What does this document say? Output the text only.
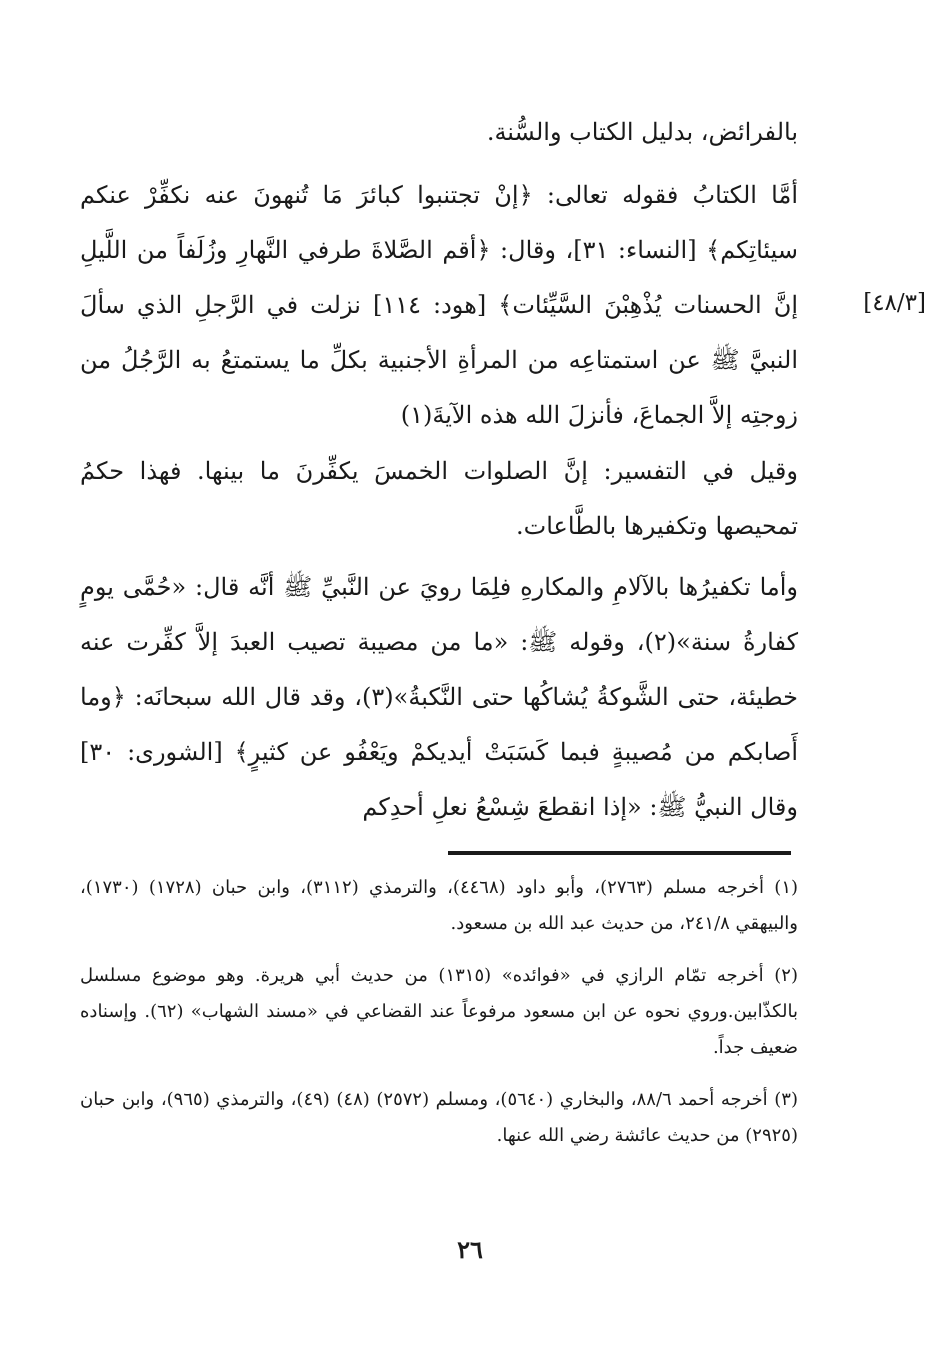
بالفرائض، بدليل الكتاب والسُّنة.

أمَّا الكتابُ فقوله تعالى: ﴿إنْ تجتنبوا كبائرَ مَا تُنهونَ عنه نكفِّرْ عنكم سيئاتِكم﴾ [النساء: ٣١]، وقال: ﴿أقم الصَّلاةَ طرفي النَّهارِ وزُلَفاً من اللَّيلِ إنَّ الحسنات يُذْهِبْنَ السَّيِّئات﴾ [هود: ١١٤] نزلت في الرَّجلِ الذي سألَ النبيَّ ﷺ عن استمتاعِه من المرأةِ الأجنبية بكلِّ ما يستمتعُ به الرَّجُلُ من زوجتِه إلاَّ الجماعَ، فأنزلَ الله هذه الآيةَ(١)

وقيل في التفسير: إنَّ الصلوات الخمسَ يكفِّرنَ ما بينها. فهذا حكمُ تمحيصها وتكفيرها بالطَّاعات.

وأما تكفيرُها بالآلامِ والمكارهِ فلِمَا رويَ عن النَّبيِّ ﷺ أنَّه قال: «حُمَّى يومٍ كفارةُ سنة»(٢)، وقوله ﷺ: «ما من مصيبة تصيب العبدَ إلاَّ كفِّرت عنه خطيئة، حتى الشَّوكةُ يُشاكُها حتى النَّكبةُ»(٣)، وقد قال الله سبحانَه: ﴿وما أَصابكم من مُصيبةٍ فبما كَسَبَتْ أيديكمْ ويَعْفُو عن كثيرٍ﴾ [الشورى: ٣٠] وقال النبيُّ ﷺ: «إذا انقطعَ شِسْعُ نعلِ أحدِكم

[٤٨/٣]

(١) أخرجه مسلم (٢٧٦٣)، وأبو داود (٤٤٦٨)، والترمذي (٣١١٢)، وابن حبان (١٧٢٨) (١٧٣٠)، والبيهقي ٢٤١/٨، من حديث عبد الله بن مسعود.

(٢) أخرجه تمّام الرازي في «فوائده» (١٣١٥) من حديث أبي هريرة. وهو موضوع مسلسل بالكذّابين.وروي نحوه عن ابن مسعود مرفوعاً عند القضاعي في «مسند الشهاب» (٦٢). وإسناده ضعيف جداً.

(٣) أخرجه أحمد ٨٨/٦، والبخاري (٥٦٤٠)، ومسلم (٢٥٧٢) (٤٨) (٤٩)، والترمذي (٩٦٥)، وابن حبان (٢٩٢٥) من حديث عائشة رضي الله عنها.

٢٦
